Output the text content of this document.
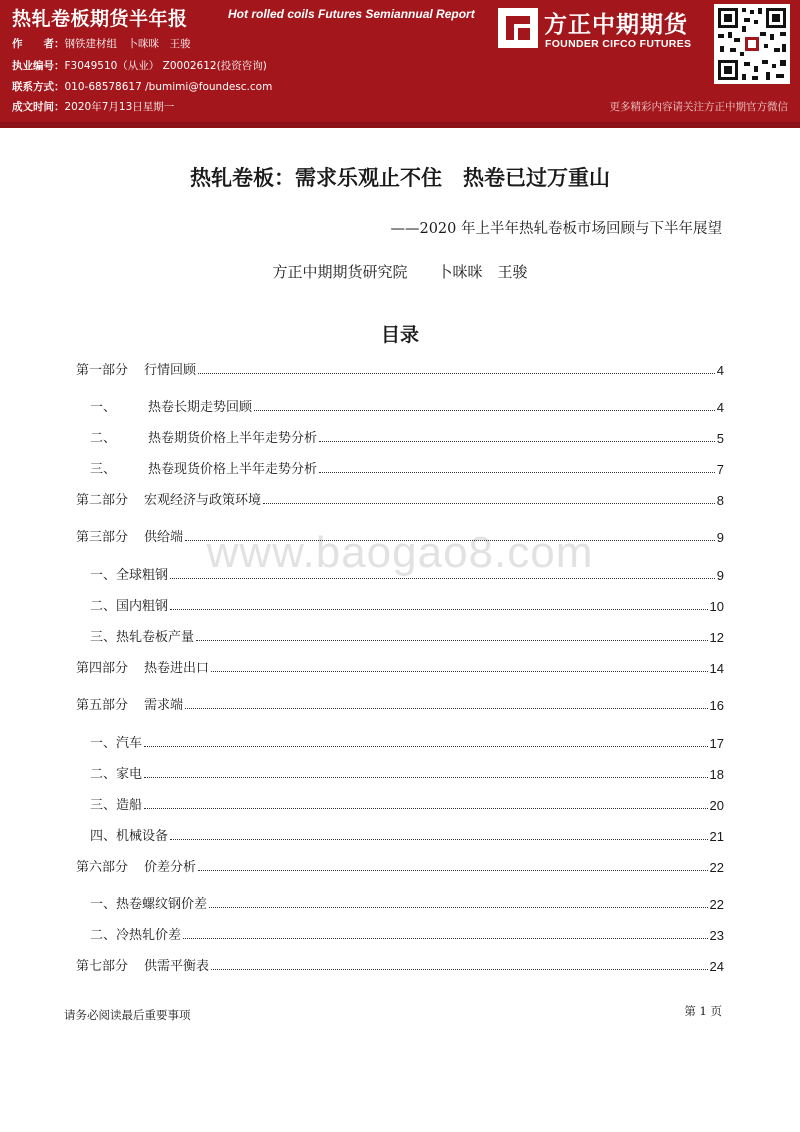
热轧卷板期货半年报	Hot rolled coils Futures Semiannual Report
作　　者：钢铁建材组　卜咪咪　王骏
执业编号：F3049510（从业） Z0002612(投资咨询)
联系方式：010-68578617 /bumimi@foundesc.com
成文时间：2020年7月13日星期一
方正中期期货
FOUNDER CIFCO FUTURES
更多精彩内容请关注方正中期官方微信
热轧卷板：需求乐观止不住　热卷已过万重山
——2020 年上半年热轧卷板市场回顾与下半年展望
方正中期期货研究院　　卜咪咪　王骏
目录
www.baogao8.com
第一部分 行情回顾	4
一、	热卷长期走势回顾	4
二、	热卷期货价格上半年走势分析	5
三、	热卷现货价格上半年走势分析	7
第二部分 宏观经济与政策环境	8
第三部分 供给端	9
一、 全球粗钢	9
二、 国内粗钢	10
三、 热轧卷板产量	12
第四部分 热卷进出口	14
第五部分 需求端	16
一、 汽车	17
二、 家电	18
三、 造船	20
四、 机械设备	21
第六部分 价差分析	22
一、 热卷螺纹钢价差	22
二、 冷热轧价差	23
第七部分 供需平衡表	24
请务必阅读最后重要事项	第 1 页
